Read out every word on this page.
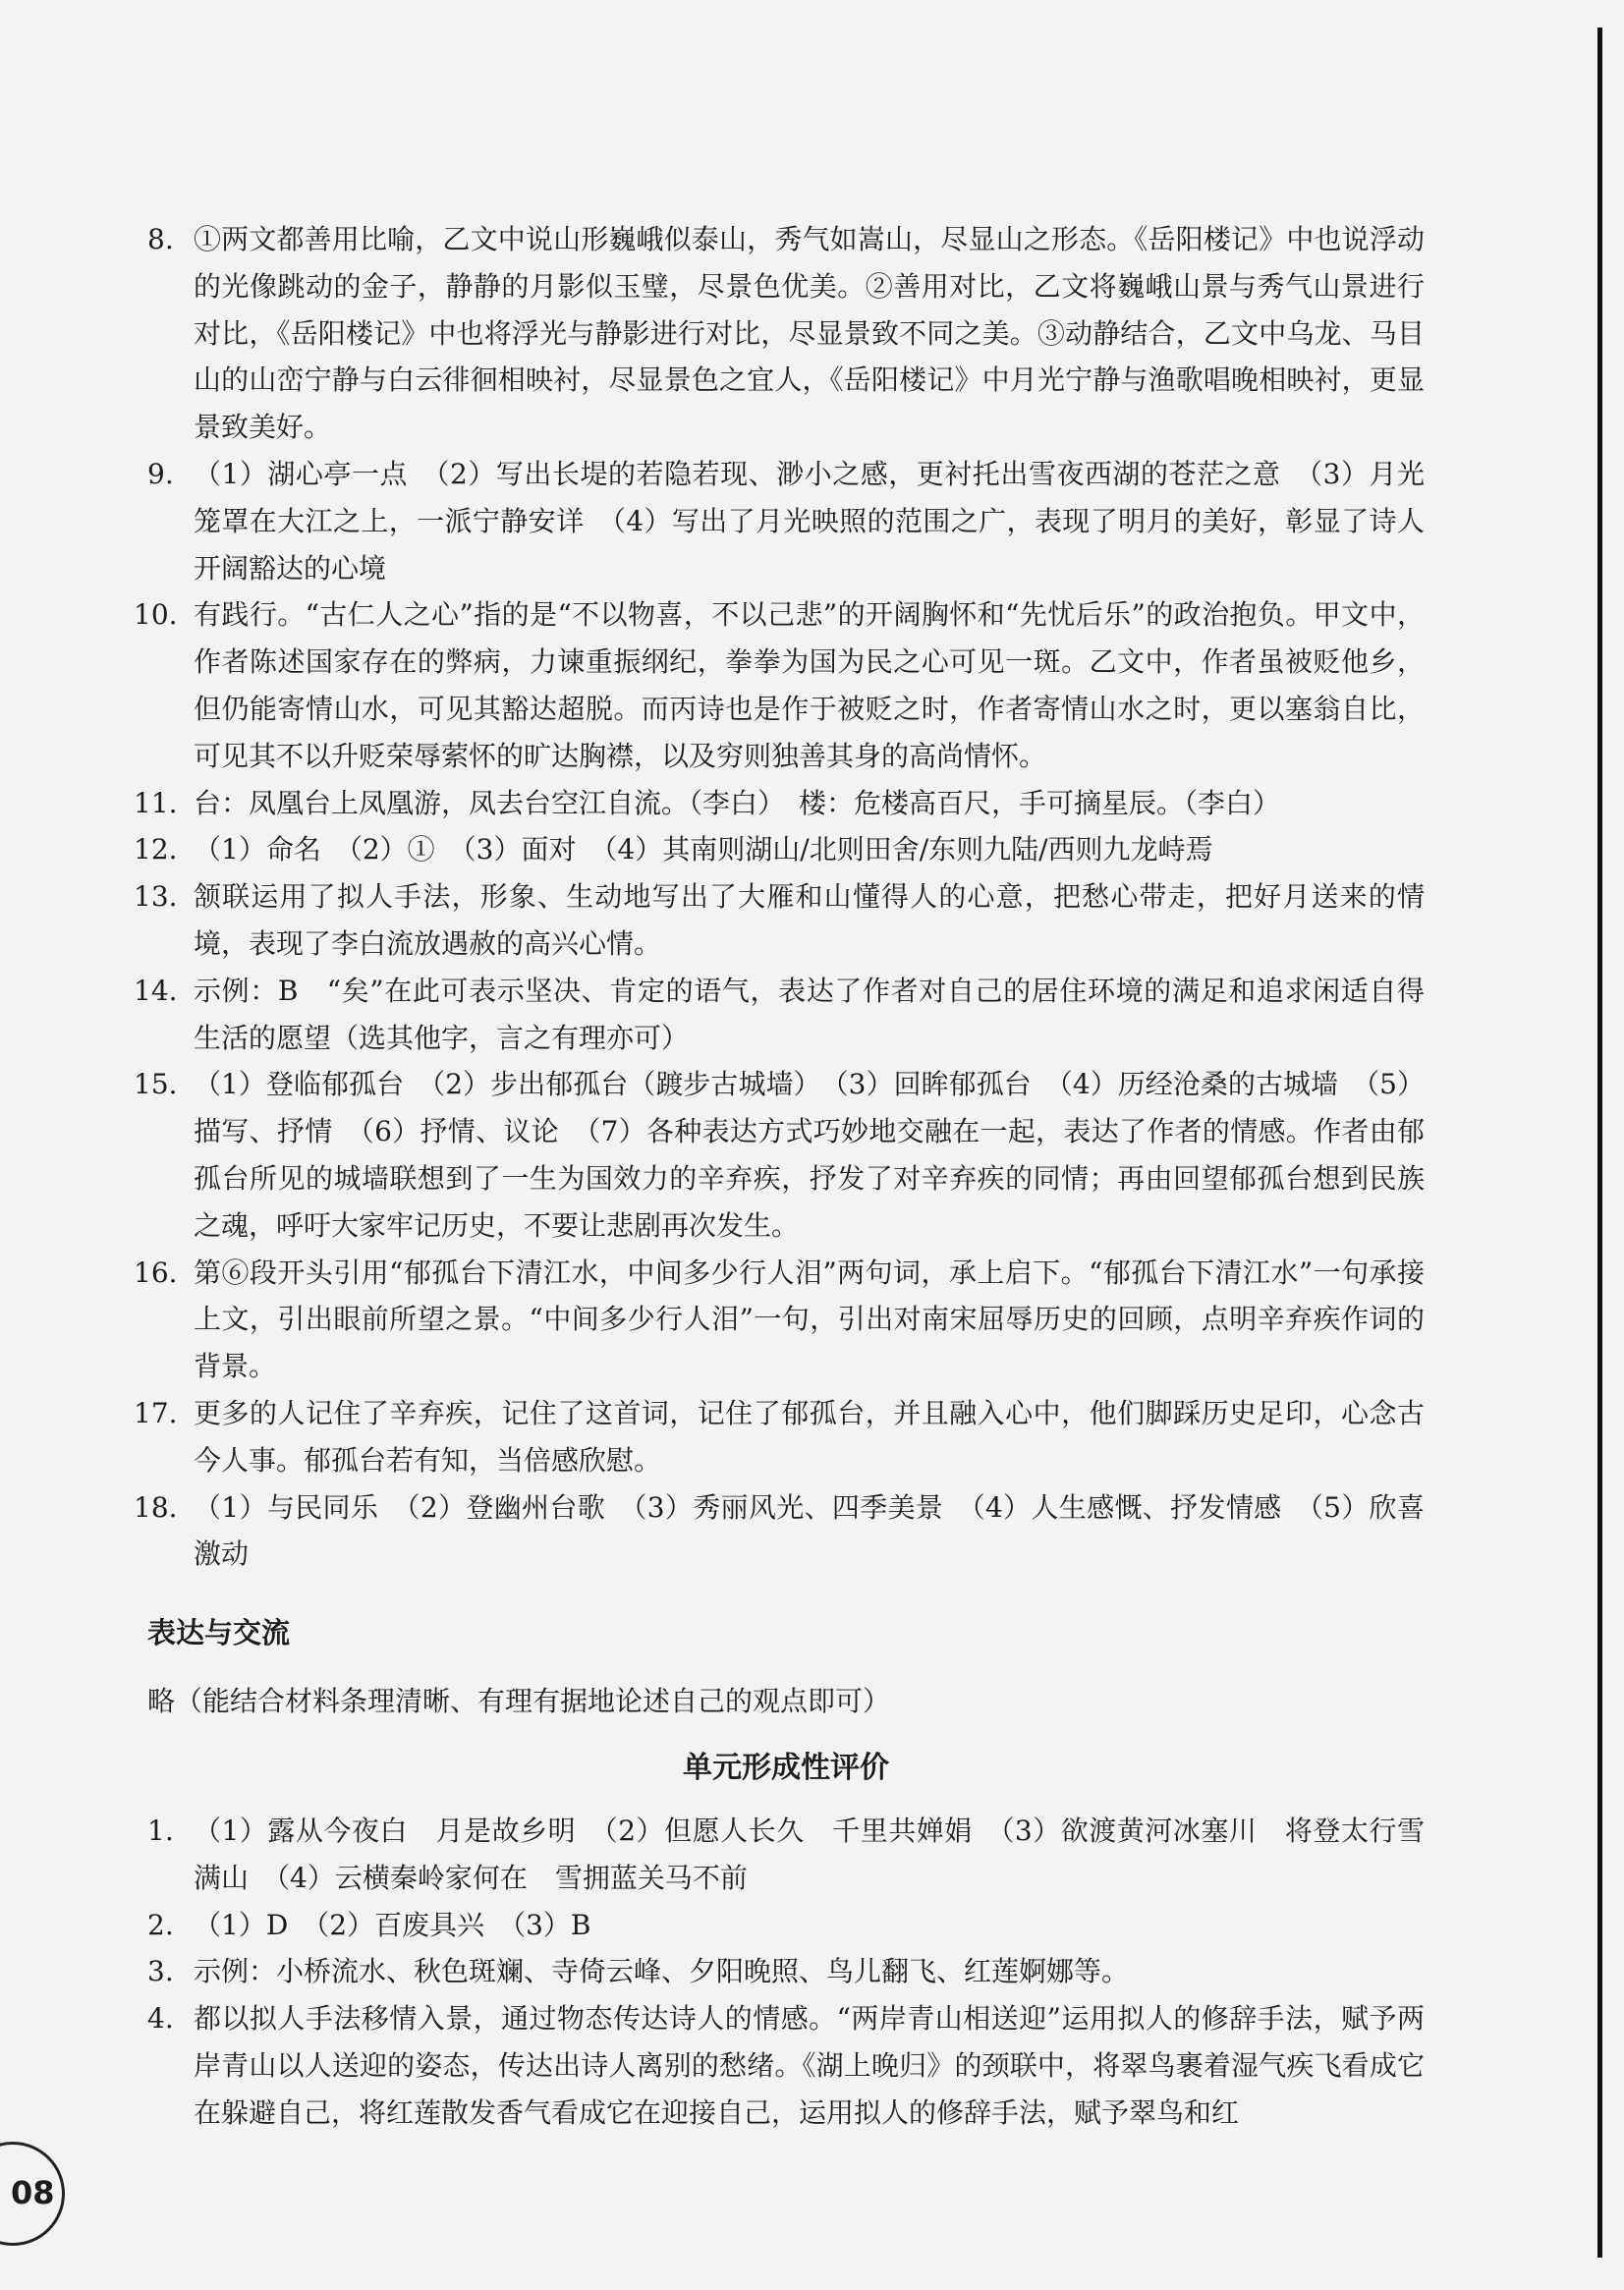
8. ①两文都善用比喻，乙文中说山形巍峨似泰山，秀气如嵩山，尽显山之形态。《岳阳楼记》中也说浮动的光像跳动的金子，静静的月影似玉璧，尽景色优美。②善用对比，乙文将巍峨山景与秀气山景进行对比，《岳阳楼记》中也将浮光与静影进行对比，尽显景致不同之美。③动静结合，乙文中乌龙、马目山的山峦宁静与白云徘徊相映衬，尽显景色之宜人，《岳阳楼记》中月光宁静与渔歌唱晚相映衬，更显景致美好。

9. （1）湖心亭一点　（2）写出长堤的若隐若现、渺小之感，更衬托出雪夜西湖的苍茫之意　（3）月光笼罩在大江之上，一派宁静安详　（4）写出了月光映照的范围之广，表现了明月的美好，彰显了诗人开阔豁达的心境

10. 有践行。“古仁人之心”指的是“不以物喜，不以己悲”的开阔胸怀和“先忧后乐”的政治抱负。甲文中，作者陈述国家存在的弊病，力谏重振纲纪，拳拳为国为民之心可见一斑。乙文中，作者虽被贬他乡，但仍能寄情山水，可见其豁达超脱。而丙诗也是作于被贬之时，作者寄情山水之时，更以塞翁自比，可见其不以升贬荣辱萦怀的旷达胸襟，以及穷则独善其身的高尚情怀。

11. 台：凤凰台上凤凰游，凤去台空江自流。（李白）　楼：危楼高百尺，手可摘星辰。（李白）

12. （1）命名　（2）①　（3）面对　（4）其南则湖山/北则田舍/东则九陆/西则九龙峙焉

13. 颔联运用了拟人手法，形象、生动地写出了大雁和山懂得人的心意，把愁心带走，把好月送来的情境，表现了李白流放遇赦的高兴心情。

14. 示例：B　“矣”在此可表示坚决、肯定的语气，表达了作者对自己的居住环境的满足和追求闲适自得生活的愿望（选其他字，言之有理亦可）

15. （1）登临郁孤台　（2）步出郁孤台（踱步古城墙）　（3）回眸郁孤台　（4）历经沧桑的古城墙　（5）描写、抒情　（6）抒情、议论　（7）各种表达方式巧妙地交融在一起，表达了作者的情感。作者由郁孤台所见的城墙联想到了一生为国效力的辛弃疾，抒发了对辛弃疾的同情；再由回望郁孤台想到民族之魂，呼吁大家牢记历史，不要让悲剧再次发生。

16. 第⑥段开头引用“郁孤台下清江水，中间多少行人泪”两句词，承上启下。“郁孤台下清江水”一句承接上文，引出眼前所望之景。“中间多少行人泪”一句，引出对南宋屈辱历史的回顾，点明辛弃疾作词的背景。

17. 更多的人记住了辛弃疾，记住了这首词，记住了郁孤台，并且融入心中，他们脚踩历史足印，心念古今人事。郁孤台若有知，当倍感欣慰。

18. （1）与民同乐　（2）登幽州台歌　（3）秀丽风光、四季美景　（4）人生感慨、抒发情感　（5）欣喜激动

表达与交流

略（能结合材料条理清晰、有理有据地论述自己的观点即可）

单元形成性评价

1. （1）露从今夜白　月是故乡明　（2）但愿人长久　千里共婵娟　（3）欲渡黄河冰塞川　将登太行雪满山　（4）云横秦岭家何在　雪拥蓝关马不前

2. （1）D　（2）百废具兴　（3）B

3. 示例：小桥流水、秋色斑斓、寺倚云峰、夕阳晚照、鸟儿翻飞、红莲婀娜等。

4. 都以拟人手法移情入景，通过物态传达诗人的情感。“两岸青山相送迎”运用拟人的修辞手法，赋予两岸青山以人送迎的姿态，传达出诗人离别的愁绪。《湖上晚归》的颈联中，将翠鸟裹着湿气疾飞看成它在躲避自己，将红莲散发香气看成它在迎接自己，运用拟人的修辞手法，赋予翠鸟和红

08
